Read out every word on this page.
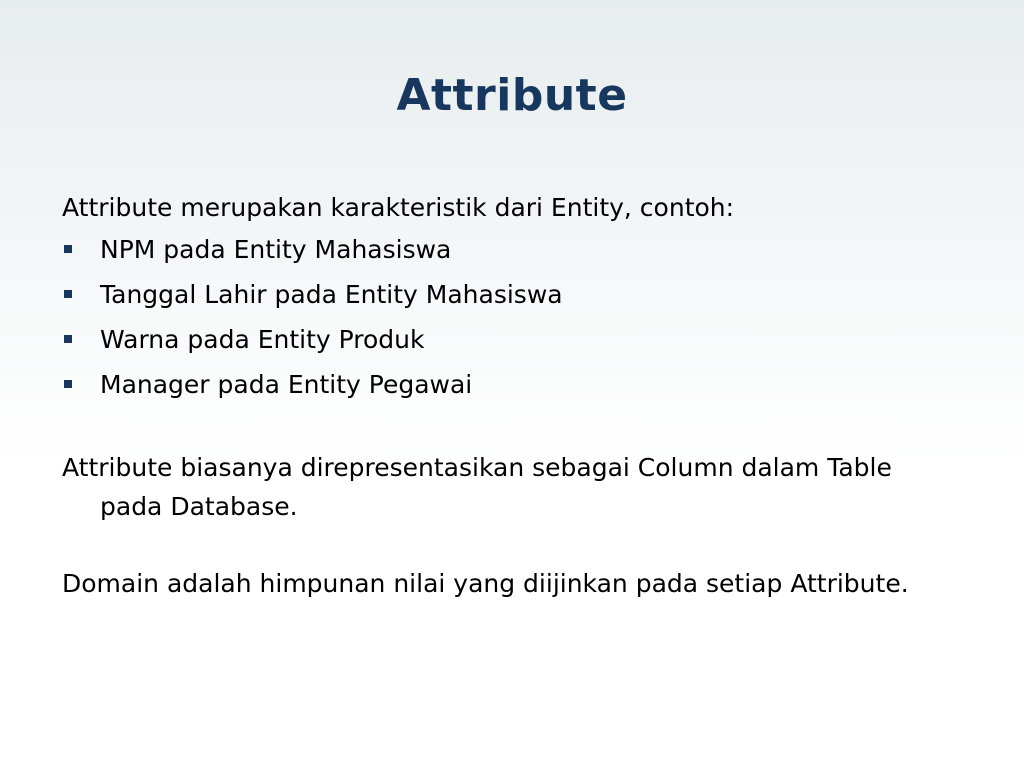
Attribute

Attribute merupakan karakteristik dari Entity, contoh:

NPM pada Entity Mahasiswa
Tanggal Lahir pada Entity Mahasiswa
Warna pada Entity Produk
Manager pada Entity Pegawai

Attribute biasanya direpresentasikan sebagai Column dalam Table pada Database.

Domain adalah himpunan nilai yang diijinkan pada setiap Attribute.
